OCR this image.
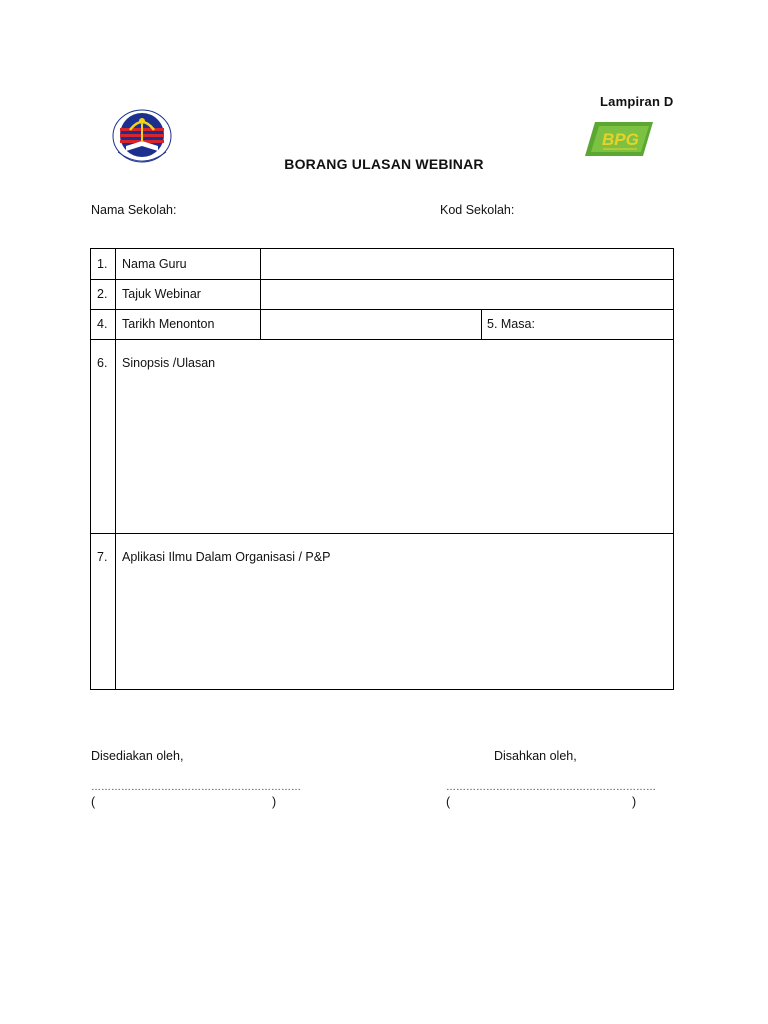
Lampiran D
BPG
BORANG ULASAN WEBINAR
Nama Sekolah:	Kod Sekolah:
1. Nama Guru
2. Tajuk Webinar
4. Tarikh Menonton	5. Masa:
6. Sinopsis /Ulasan
7. Aplikasi Ilmu Dalam Organisasi / P&P
Disediakan oleh,	Disahkan oleh,
………………………………………………………	………………………………………………………
(	)	(	)
